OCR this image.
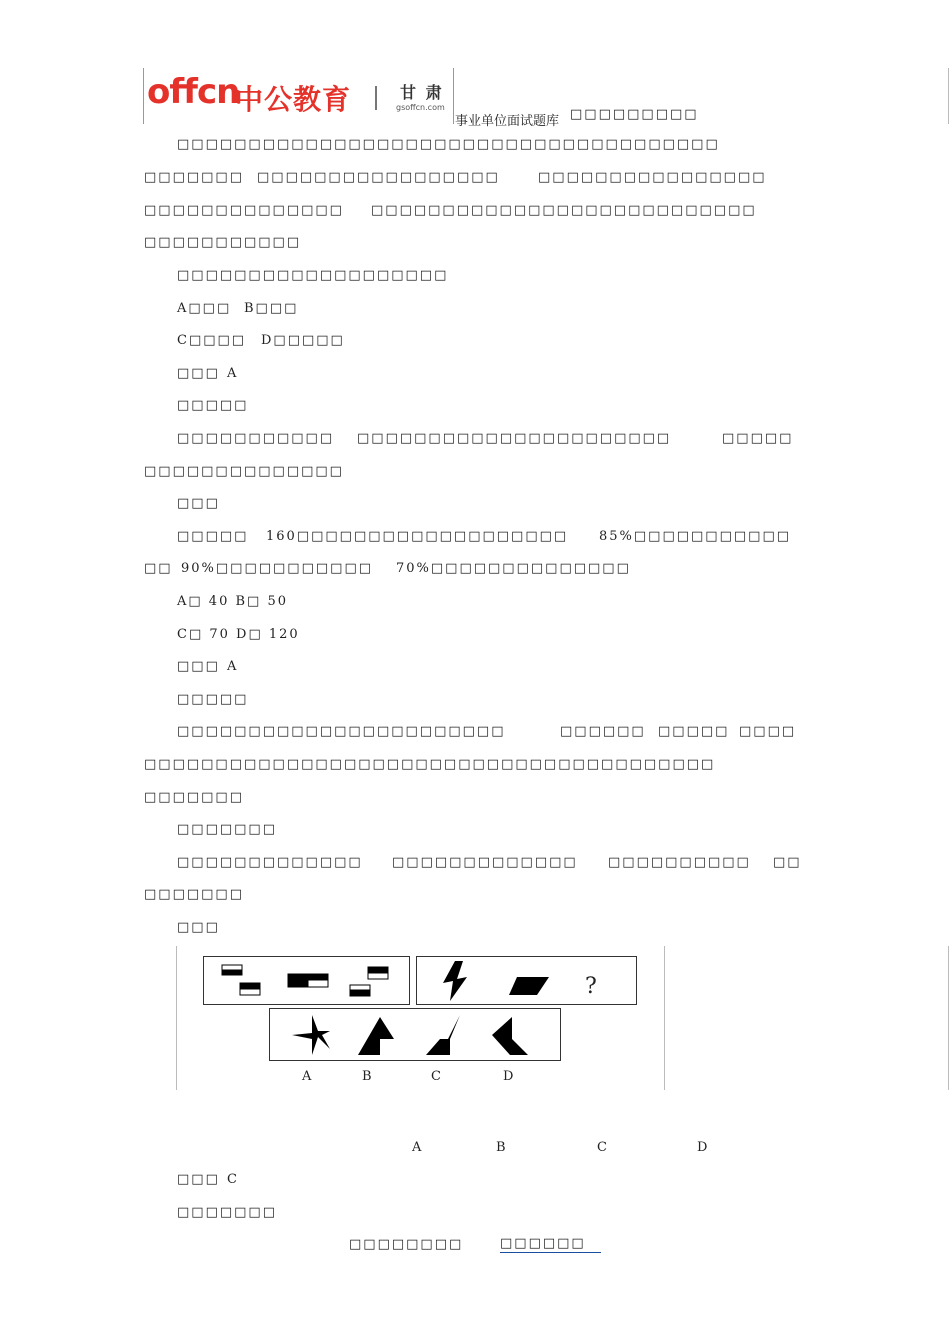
offcn
中公教育	甘 肃
gsoffcn.com
事业单位面试题库 □□□□□□□□□
□□□□□□□□□□□□□□□□□□□□□□□□□□□□□□□□□□□□□□
□□□□□□□ □□□□□□□□□□□□□□□□□	□□□□□□□□□□□□□□□□
□□□□□□□□□□□□□□ □□□□□□□□□□□□□□□□□□□□□□□□□□□
□□□□□□□□□□□
□□□□□□□□□□□□□□□□□□□
A□□□ B□□□
C□□□□ D□□□□□
□□□ A
□□□□□
□□□□□□□□□□□ □□□□□□□□□□□□□□□□□□□□□□	□□□□□
□□□□□□□□□□□□□□
□□□
□□□□□ 160□□□□□□□□□□□□□□□□□□□ 85%□□□□□□□□□□□
□□ 90%□□□□□□□□□□□ 70%□□□□□□□□□□□□□□
A□ 40 B□ 50
C□ 70 D□ 120
□□□ A
□□□□□
□□□□□□□□□□□□□□□□□□□□□□□	□□□□□□ □□□□□ □□□□
□□□□□□□□□□□□□□□□□□□□□□□□□□□□□□□□□□□□□□□□
□□□□□□□
□□□□□□□
□□□□□□□□□□□□□ □□□□□□□□□□□□□ □□□□□□□□□□ □□
□□□□□□□
□□□
?
A	B	C	D
A	B	C	D
□□□ C
□□□□□□□
□□□□□□□□	□□□□□□
